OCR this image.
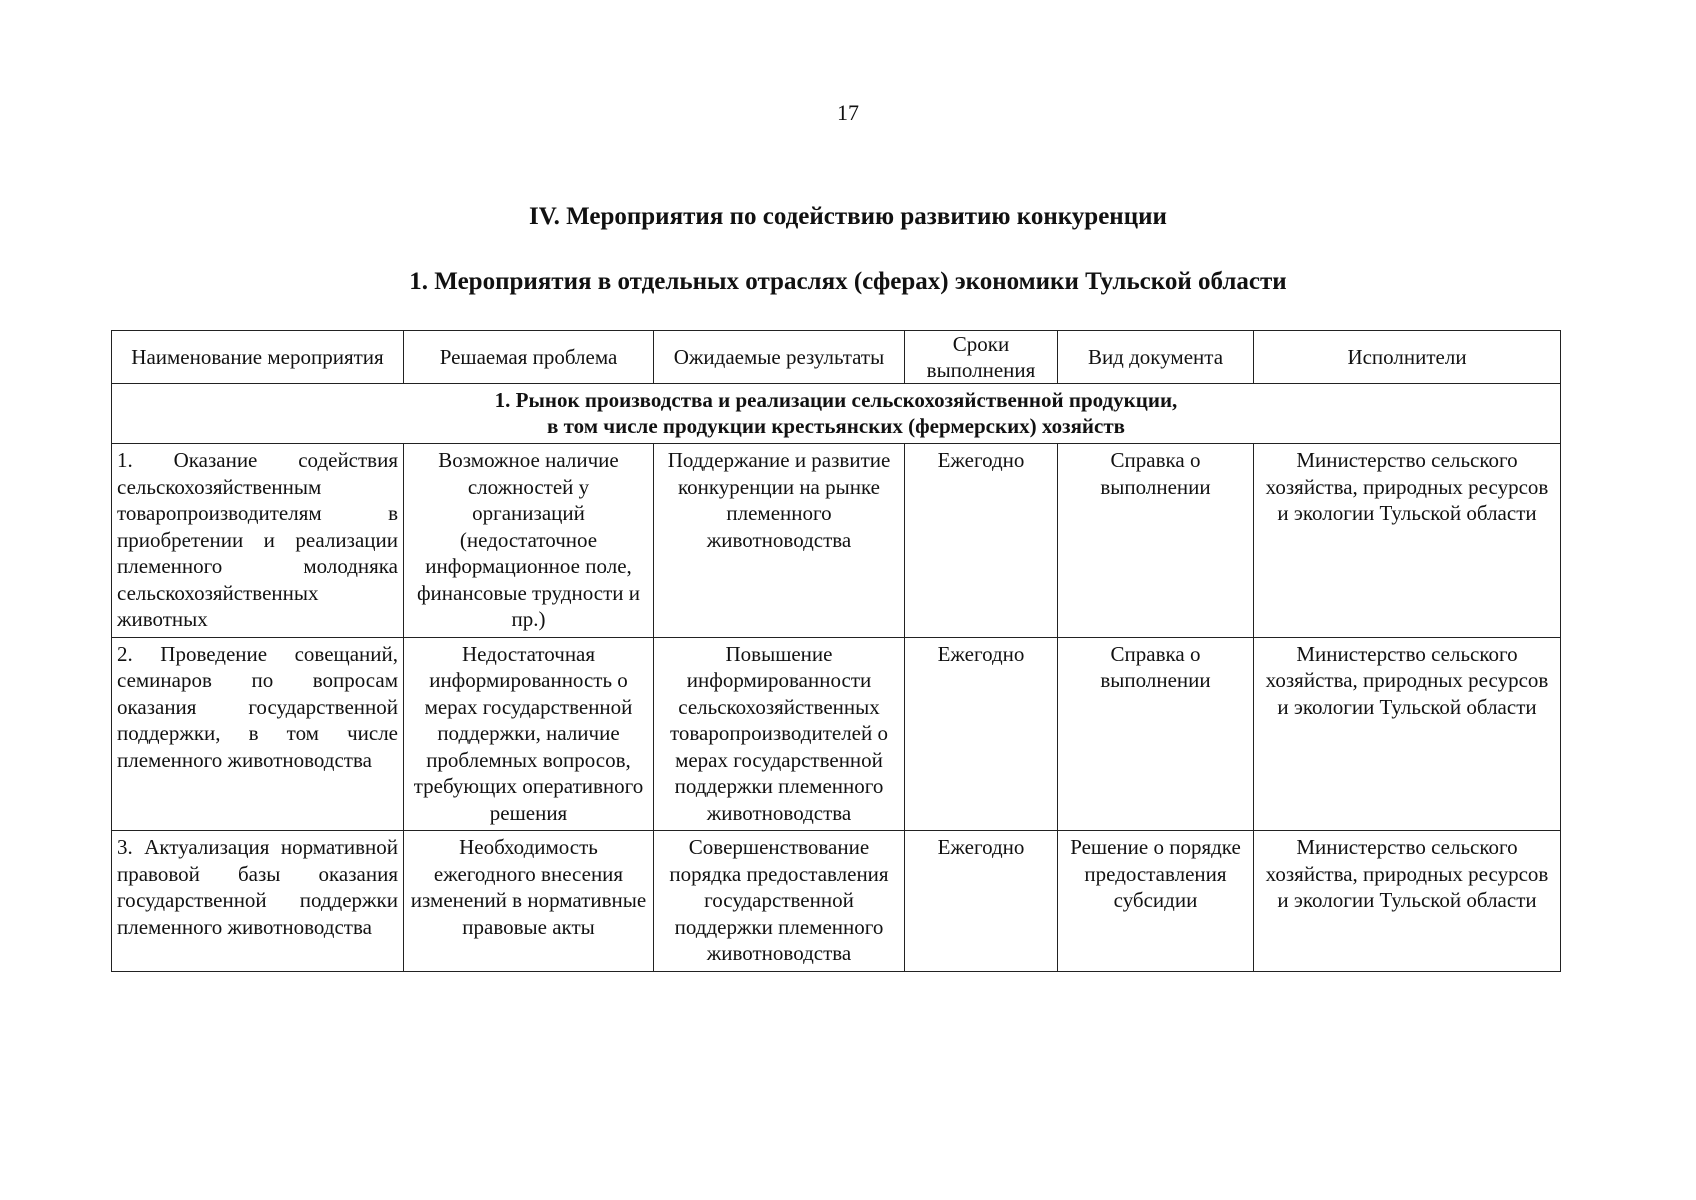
17
IV. Мероприятия по содействию развитию конкуренции
1. Мероприятия в отдельных отраслях (сферах) экономики Тульской области
Наименование мероприятия	Решаемая проблема	Ожидаемые результаты	Сроки выполнения	Вид документа	Исполнители

1. Рынок производства и реализации сельскохозяйственной продукции,
в том числе продукции крестьянских (фермерских) хозяйств					

1. Оказание содействия сельскохозяйственным товаропроизводителям в приобретении и реализации племенного молодняка сельскохозяйственных животных	Возможное наличие сложностей у организаций (недостаточное информационное поле, финансовые трудности и пр.)	Поддержание и развитие конкуренции на рынке племенного животноводства	Ежегодно	Справка о выполнении	Министерство сельского хозяйства, природных ресурсов и экологии Тульской области
2. Проведение совещаний, семинаров по вопросам оказания государственной поддержки, в том числе племенного животноводства	Недостаточная информированность о мерах государственной поддержки, наличие проблемных вопросов, требующих оперативного решения	Повышение информированности сельскохозяйственных товаропроизводителей о мерах государственной поддержки племенного животноводства	Ежегодно	Справка о выполнении	Министерство сельского хозяйства, природных ресурсов и экологии Тульской области
3. Актуализация нормативной правовой базы оказания государственной поддержки племенного животноводства	Необходимость ежегодного внесения изменений в нормативные правовые акты	Совершенствование порядка предоставления государственной поддержки племенного животноводства	Ежегодно	Решение о порядке предоставления субсидии	Министерство сельского хозяйства, природных ресурсов и экологии Тульской области
